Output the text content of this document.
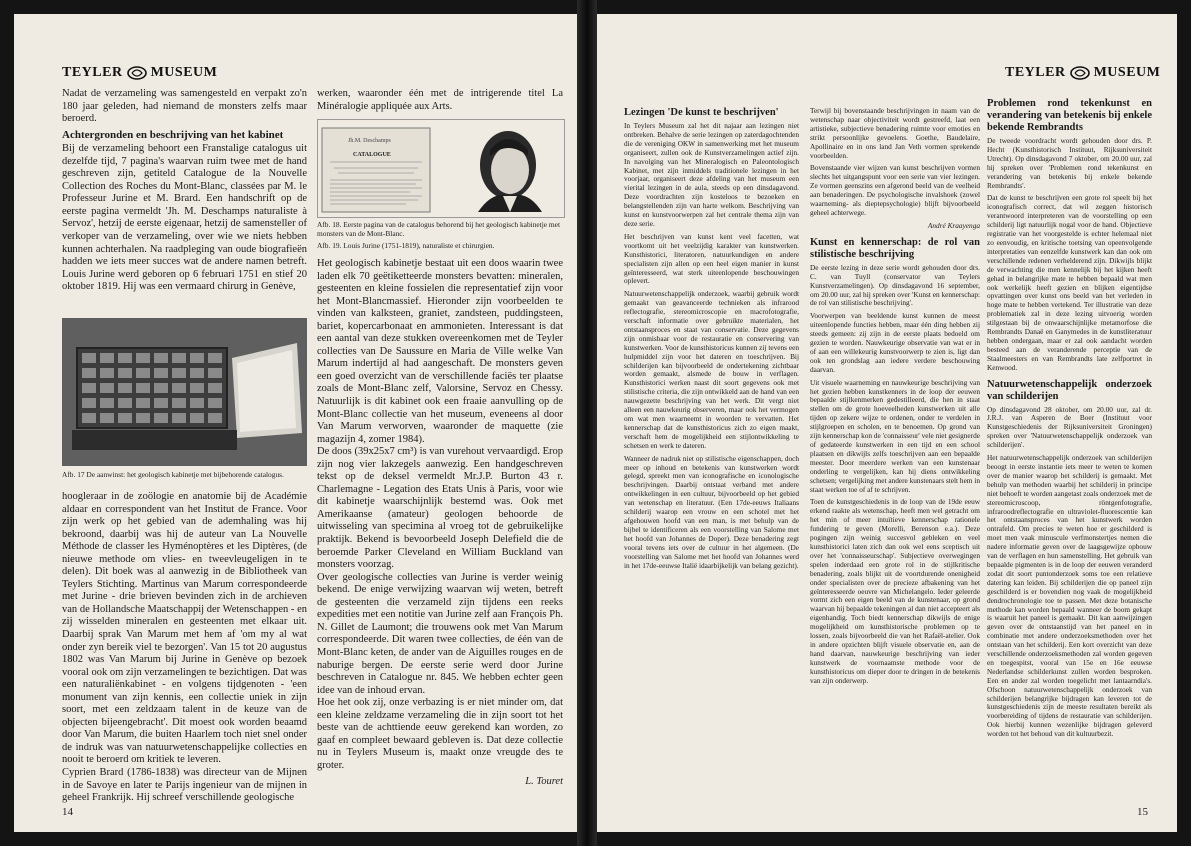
TEYLER MUSEUM

Nadat de verzameling was samengesteld en verpakt zo'n 180 jaar geleden, had niemand de monsters zelfs maar beroerd.

Achtergronden en beschrijving van het kabinet

Bij de verzameling behoort een Franstalige catalogus uit dezelfde tijd, 7 pagina's waarvan ruim twee met de hand geschreven zijn, getiteld Catalogue de la Nouvelle Collection des Roches du Mont-Blanc, classées par M. le Professeur Jurine et M. Brard. Een handschrift op de eerste pagina vermeldt 'Jh. M. Deschamps naturaliste à Servoz', hetzij de eerste eigenaar, hetzij de samensteller of verkoper van de verzameling, over wie we niets hebben kunnen achterhalen. Na raadpleging van oude biografieën hadden we iets meer succes wat de andere namen betreft. Louis Jurine werd geboren op 6 februari 1751 en stief 20 oktober 1819. Hij was een vermaard chirurg in Genève,

Afb. 17 De aanwinst: het geologisch kabinetje met bijbehorende catalogus.

hoogleraar in de zoölogie en anatomie bij de Académie aldaar en correspondent van het Institut de France. Voor zijn werk op het gebied van de ademhaling was hij bekroond, daarbij was hij de auteur van La Nouvelle Méthode de classer les Hyménoptères et les Diptères, (de nieuwe methode om vlies- en tweevleugeligen in te delen). Dit boek was al aanwezig in de Bibliotheek van Teylers Stichting. Martinus van Marum correspondeerde met Jurine - drie brieven bevinden zich in de archieven van de Hollandsche Maatschappij der Wetenschappen - en zij wisselden mineralen en gesteenten met elkaar uit. Daarbij sprak Van Marum met hem af 'om my al wat onder zyn bereik viel te bezorgen'. Van 15 tot 20 augustus 1802 was Van Marum bij Jurine in Genève op bezoek vooral ook om zijn verzamelingen te bezichtigen. Dat was een naturaliënkabinet - en volgens tijdgenoten - 'een monument van zijn kennis, een collectie uniek in zijn soort, met een zeldzaam talent in de keuze van de objecten bijeengebracht'. Dit moest ook worden beaamd door Van Marum, die buiten Haarlem toch niet snel onder de indruk was van natuurwetenschappelijke collecties en nooit te beroerd om kritiek te leveren.

Cyprien Brard (1786-1838) was directeur van de Mijnen in de Savoye en later te Parijs ingenieur van de mijnen in geheel Frankrijk. Hij schreef verschillende geologische

werken, waaronder één met de intrigerende titel La Minéralogie appliquée aux Arts.

Jh.M. Deschamps
CATALOGUE
Afb. 18. Eerste pagina van de catalogus behorend bij het geologisch kabinetje met monsters van de Mont-Blanc.
Afb. 19. Louis Jurine (1751-1819), naturaliste et chirurgien.

Het geologisch kabinetje bestaat uit een doos waarin twee laden elk 70 geëtiketteerde monsters bevatten: mineralen, gesteenten en kleine fossielen die representatief zijn voor het Mont-Blancmassief. Hieronder zijn voorbeelden te vinden van kalksteen, graniet, zandsteen, puddingsteen, bariet, kopercarbonaat en ammonieten. Interessant is dat een aantal van deze stukken overeenkomen met de Teyler collecties van De Saussure en Maria de Ville welke Van Marum indertijd al had aangeschaft. De monsters geven een goed overzicht van de verschillende faciës ter plaatse zoals de Mont-Blanc zelf, Valorsine, Servoz en Chessy. Natuurlijk is dit kabinet ook een fraaie aanvulling op de Mont-Blanc collectie van het museum, eveneens al door Van Marum verworven, waaronder de maquette (zie magazijn 4, zomer 1984).

De doos (39x25x7 cm³) is van vurehout vervaardigd. Erop zijn nog vier lakzegels aanwezig. Een handgeschreven tekst op de deksel vermeldt Mr.J.P. Burton 43 r. Charlemagne - Legation des Etats Unis à Paris, voor wie dit kabinetje waarschijnlijk bestemd was. Ook met Amerikaanse (amateur) geologen behoorde de uitwisseling van specimina al vroeg tot de gebruikelijke praktijk. Bekend is bevoorbeeld Joseph Delefield die de beroemde Parker Cleveland en William Buckland van monsters voorzag.

Over geologische collecties van Jurine is verder weinig bekend. De enige verwijzing waarvan wij weten, betreft de gesteenten die verzameld zijn tijdens een reeks expedities met een notitie van Jurine zelf aan François Ph. N. Gillet de Laumont; die trouwens ook met Van Marum correspondeerde. Dit waren twee collecties, de één van de Mont-Blanc keten, de ander van de Aiguilles rouges en de naburige bergen. De eerste serie werd door Jurine beschreven in Catalogue nr. 845. We hebben echter geen idee van de inhoud ervan.

Hoe het ook zij, onze verbazing is er niet minder om, dat een kleine zeldzame verzameling die in zijn soort tot het beste van de achttiende eeuw gerekend kan worden, zo gaaf en compleet bewaard gebleven is. Dat deze collectie nu in Teylers Museum is, maakt onze vreugde des te groter.

L. Touret
14
TEYLER MUSEUM
Lezingen 'De kunst te beschrijven'

In Teylers Museum zal het dit najaar aan lezingen niet ontbreken. Behalve de serie lezingen op zaterdagochtenden die de vereniging OKW in samenwerking met het museum organiseert, zullen ook de Kunstverzamelingen actief zijn. In navolging van het Mineralogisch en Paleontologisch Kabinet, met zijn inmiddels traditionele lezingen in het voorjaar, organiseert deze afdeling van het museum een vierital lezingen in de aula, steeds op een dinsdagavond. Deze voordrachten zijn kosteloos te bezoeken en belangstellenden zijn van harte welkom. Beschrijving van kunst en kunstvoorwerpen zal het centrale thema zijn van deze serie.

Het beschrijven van kunst kent veel facetten, wat voortkomt uit het veelzijdig karakter van kunstwerken. Kunsthistorici, literatoren, natuurkundigen en andere specialisten zijn allen op een heel eigen manier in kunst geïnteresseerd, wat sterk uiteenlopende beschouwingen oplevert.

Natuurwetenschappelijk onderzoek, waarbij gebruik wordt gemaakt van geavanceerde technieken als infrarood reflectografie, stereomicroscopie en macrofotografie, verschaft informatie over gebruikte materialen, het ontstaansproces en staat van conservatie. Deze gegevens zijn onmisbaar voor de restauratie en conservering van kunstwerken. Voor de kunsthistoricus kunnen zij tevens een hulpmiddel zijn voor het dateren en toeschrijven. Bij schilderijen kan bijvoorbeeld de ondertekening zichtbaar worden gemaakt, alsmede de bouw in verflagen. Kunsthistorici werken naast dit soort gegevens ook met stilistische criteria, die zijn ontwikkeld aan de hand van een nauwgezette beschrijving van het werk. Dit vergt niet alleen een nauwkeurig observeren, maar ook het vermogen om wat men waarneemt in woorden te vervatten. Het kennerschap dat de kunsthistoricus zich zo eigen maakt, verschaft hem de mogelijkheid een stijlontwikkeling te schetsen en werk te dateren.

Wanneer de nadruk niet op stilistische eigenschappen, doch meer op inhoud en betekenis van kunstwerken wordt gelegd, spreekt men van iconografische en iconologische beschrijvingen. Daarbij ontstaat verband met andere ontwikkelingen in een cultuur, bijvoorbeeld op het gebied van wetenschap en literatuur. (Een 17de-eeuws Italiaans schilderij waarop een vrouw en een schotel met het afgehouwen hoofd van een man, is met behulp van de bijbel te identificeren als een voorstelling van Salome met het hoofd van Johannes de Doper). Deze benadering zegt vooral tevens iets over de cultuur in het algemeen. (De voorstelling van Salome met het hoofd van Johannes werd in het 17de-eeuwse Italië idaarbijkelijk van belang gezicht).

Terwijl bij bovenstaande beschrijvingen in naam van de wetenschap naar objectiviteit wordt gestreefd, laat een artistieke, subjectieve benadering ruimte voor emoties en strikt persoonlijke gevoelens. Goethe, Baudelaire, Apollinaire en in ons land Jan Veth vormen sprekende voorbeelden.

Bovenstaande vier wijzen van kunst beschrijven vormen slechts het uitgangspunt voor een serie van vier lezingen. Ze vormen geenszins een afgerond beeld van de veelheid aan benaderingen. De psychologische invalshoek (zowel waarneming- als dieptepsychologie) blijft bijvoorbeeld geheel achterwege.

André Kraayenga
Kunst en kennerschap: de rol van stilistische beschrijving

De eerste lezing in deze serie wordt gehouden door drs. C. van Tuyll (conservator van Teylers Kunstverzamelingen). Op dinsdagavond 16 september, om 20.00 uur, zal hij spreken over 'Kunst en kennerschap: de rol van stilistische beschrijving'.

Voorwerpen van beeldende kunst kunnen de meest uiteenlopende functies hebben, maar één ding hebben zij steeds gemeen: zij zijn in de eerste plaats bedoeld om gezien te worden. Nauwkeurige observatie van wat er in of aan een willekeurig kunstvoorwerp te zien is, ligt dan ook ten grondslag aan iedere verdere beschouwing daarvan.

Uit visuele waarneming en nauwkeurige beschrijving van het gezien hebben kunstkenners in de loop der eeuwen bepaalde stijlkenmerken gedestilleerd, die hen in staat stellen om de grote hoeveelheden kunstwerken uit alle tijden op zekere wijze te ordenen, onder te verdelen in stijlgroepen en scholen, en te benoemen. Op grond van zijn kennerschap kon de 'connaisseur' vele niet gesignerde of gedateerde kunstwerken in een tijd en een school plaatsen en dikwijls zelfs toeschrijven aan een bepaalde meester. Door meerdere werken van een kunstenaar onderling te vergelijken, kan hij diens ontwikkeling schetsen; vergelijking met andere kunstenaars stelt hem in staat werken toe of af te schrijven.

Toen de kunstgeschiedenis in de loop van de 19de eeuw erkend raakte als wetenschap, heeft men wel getracht om het min of meer intuïtieve kennerschap rationele fundering te geven (Morelli, Berenson e.a.). Deze pogingen zijn weinig succesvol gebleken en veel kunsthistorici laten zich dan ook wel eens sceptisch uit over het 'connaisseurschap'. Subjectieve overwegingen spelen inderdaad een grote rol in de stijlkritische benadering, zoals blijkt uit de voortdurende onenigheid onder specialisten over de precieze afbakening van het geïnteresseerde oeuvre van Michelangelo. Ieder gelеerde vormt zich een eigen beeld van de kunstenaar, op grond waarvan hij bepaalde tekeningen al dan niet accepteert als eigenhandig. Toch biedt kennerschap dikwijls de enige mogelijkheid om kunsthistorische problemen op te lossen, zoals bijvoorbeeld die van het Rafaël-atelier. Ook in andere opzichten blijft visuele observatie en, aan de hand daarvan, nauwkeurige beschrijving van ieder kunstwerk de voornaamste methode voor de kunsthistoricus om dieper door te dringen in de betekenis van zijn onderwerp.

Problemen rond tekenkunst en verandering van betekenis bij enkele bekende Rembrandts

De tweede voordracht wordt gehouden door drs. P. Hecht (Kunsthistorisch Instituut, Rijksuniversiteit Utrecht). Op dinsdagavond 7 oktober, om 20.00 uur, zal hij spreken over 'Problemen rond tekenkunst en verandering van betekenis bij enkele bekende Rembrandts'.

Dat de kunst te beschrijven een grote rol speelt bij het iconografisch correct, dat wil zeggen historisch verantwoord interpreteren van de voorstelling op een schilderij ligt natuurlijk nogal voor de hand. Objectieve registratie van het voorgestelde is echter helemaal niet zo eenvoudig, en kritische toetsing van opeenvolgende interpretaties van eenzelfde kunstwerk kan dan ook om verschillende redenen verhelderend zijn. Dikwijls blijkt de verwachting die men kennelijk bij het kijken heeft gehad in belangrijke mate te hebben bepaald wat men ook werkelijk heeft gezien en blijken eigentijdse opvattingen over kunst ons beeld van het verleden in hoge mate te hebben vertekend. Ter illustratie van deze problematiek zal in deze lezing uitvoerig worden stilgestaan bij de onwaarschijnlijke metamorfose die Rembrandts Danaë en Ganymedes in de kunstliteratuur hebben ondergaan, maar er zal ook aandacht worden besteed aan de veranderende perceptie van de Staalmeesters en van Rembrandts late zelfportret in Kenwood.

Natuurwetenschappelijk onderzoek van schilderijen

Op dinsdagavond 28 oktober, om 20.00 uur, zal dr. J.R.J. van Asperen de Boer (Instituut voor Kunstgeschiedenis der Rijksuniversiteit Groningen) spreken over 'Natuurwetenschappelijk onderzoek van schilderijen'.

Het natuurwetenschappelijk onderzoek van schilderijen beoogt in eerste instantie iets meer te weten te komen over de manier waarop het schilderij is gemaakt. Met behulp van methoden waarbij het schilderij in principe niet behoeft te worden aangetast zoals onderzoek met de stereomicroscoop, röntgenfotografie, infraroodreflectografie en ultraviolet-fluorescentie kan het ontstaansproces van het kunstwerk worden ontrafeld. Om precies te weten hoe er geschilderd is moet men vaak minuscule verfmonstertjes nemen die nadere informatie geven over de laagsgewijze opbouw van de verflagen en hun samenstelling. Het gebruik van bepaalde pigmenten is in de loop der eeuwen veranderd zodat dit soort puntonderzoek soms toe een relatieve datering kan leiden. Bij schilderijen die op paneel zijn geschilderd is er bovendien nog vaak de mogelijkheid dendrochronologie toe te passen. Met deze botanische methode kan worden bepaald wanneer de boom gekapt is waaruit het paneel is gemaakt. Dit kan aanwijzingen geven over de ontstaanstijd van het paneel en in combinatie met andere onderzoeksmethoden over het ontstaan van het schilderij. Een kort overzicht van deze verschillende onderzoeksmethoden zal worden gegeven en toegespitst, vooral van 15e en 16e eeuwse Nederlandse schilderkunst zullen worden besproken. Een en ander zal worden toegelicht met lantaarndia's. Ofschoon natuurwetenschappelijk onderzoek van schilderijen belangrijke bijdragen kan leveren tot de kunstgeschiedenis zijn de meeste resultaten bereikt als voorbereiding of tijdens de restauratie van schilderijen. Ook hierbij kunnen wezenlijke bijdragen geleverd worden tot het behoud van dit kultuurbezit.

15
